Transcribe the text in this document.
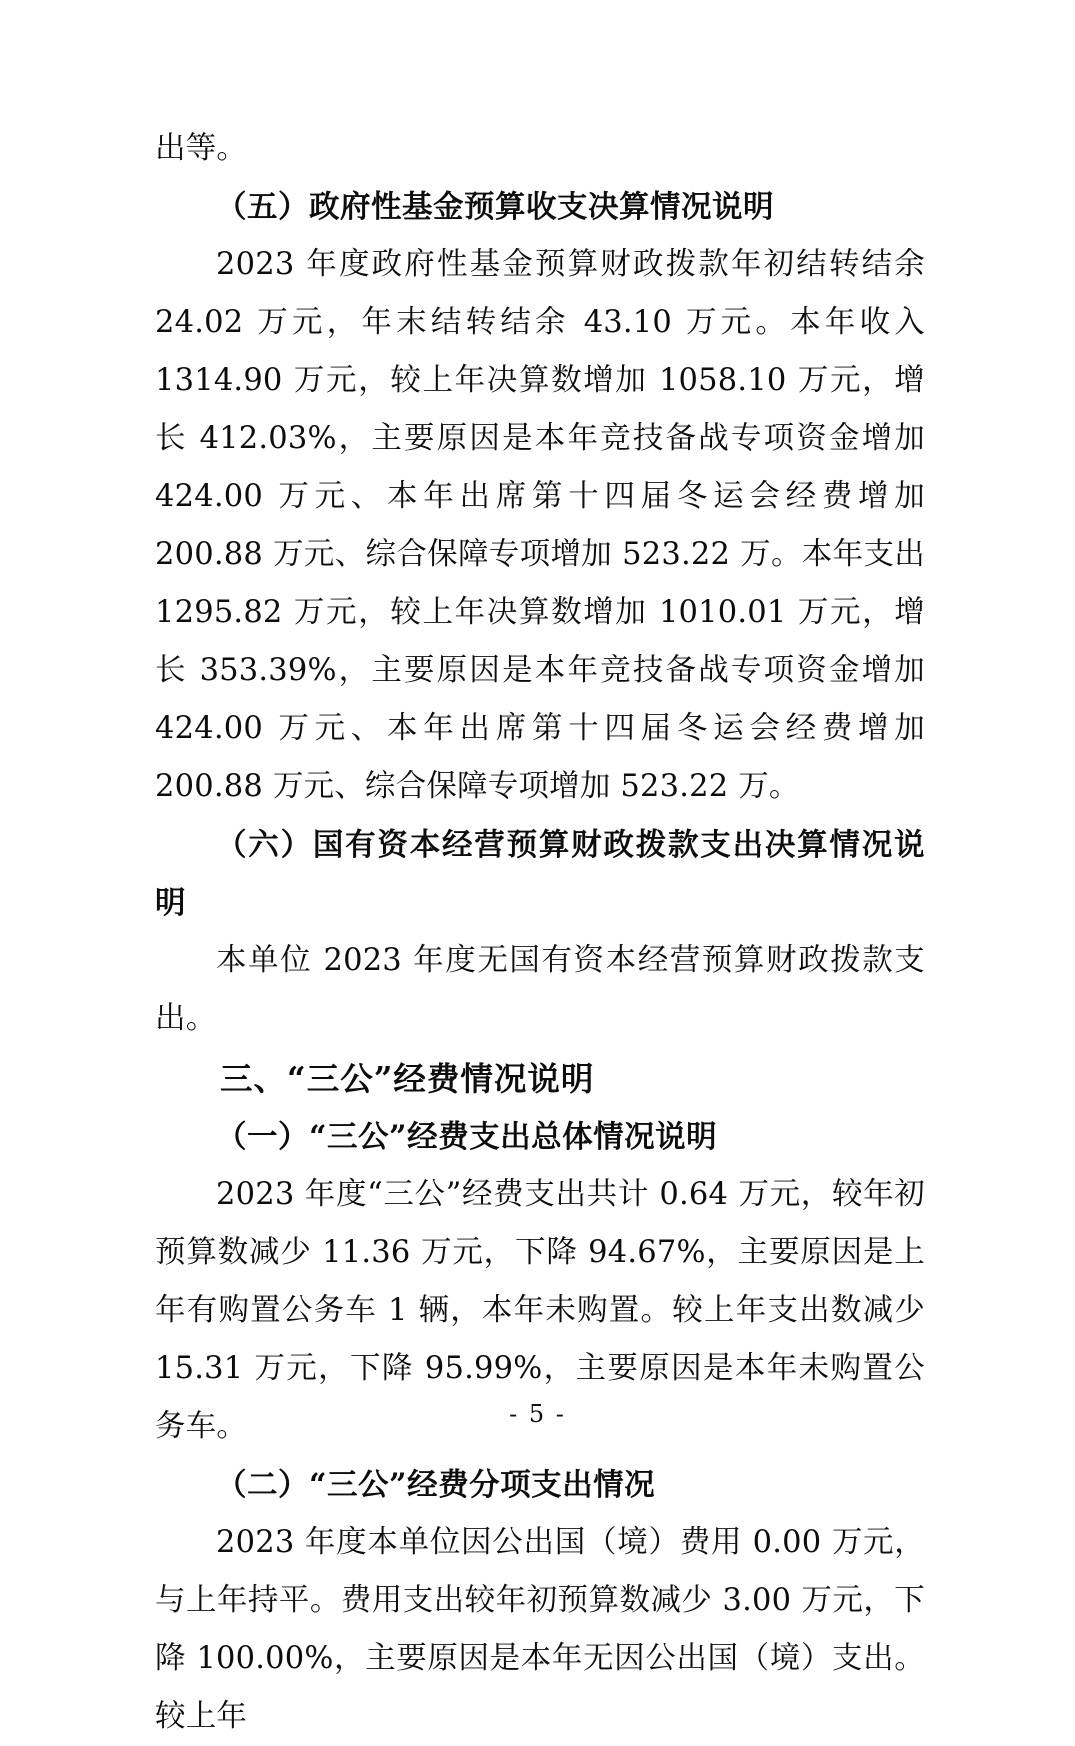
出等。

（五）政府性基金预算收支决算情况说明

2023 年度政府性基金预算财政拨款年初结转结余 24.02 万元，年末结转结余 43.10 万元。本年收入 1314.90 万元，较上年决算数增加 1058.10 万元，增长 412.03%，主要原因是本年竞技备战专项资金增加 424.00 万元、本年出席第十四届冬运会经费增加 200.88 万元、综合保障专项增加 523.22 万。本年支出 1295.82 万元，较上年决算数增加 1010.01 万元，增长 353.39%，主要原因是本年竞技备战专项资金增加 424.00 万元、本年出席第十四届冬运会经费增加 200.88 万元、综合保障专项增加 523.22 万。

（六）国有资本经营预算财政拨款支出决算情况说明

本单位 2023 年度无国有资本经营预算财政拨款支出。

三、“三公”经费情况说明

（一）“三公”经费支出总体情况说明

2023 年度“三公”经费支出共计 0.64 万元，较年初预算数减少 11.36 万元，下降 94.67%，主要原因是上年有购置公务车 1 辆，本年未购置。较上年支出数减少 15.31 万元，下降 95.99%，主要原因是本年未购置公务车。

（二）“三公”经费分项支出情况

2023 年度本单位因公出国（境）费用 0.00 万元，与上年持平。费用支出较年初预算数减少 3.00 万元，下降 100.00%，主要原因是本年无因公出国（境）支出。较上年

- 5 -
